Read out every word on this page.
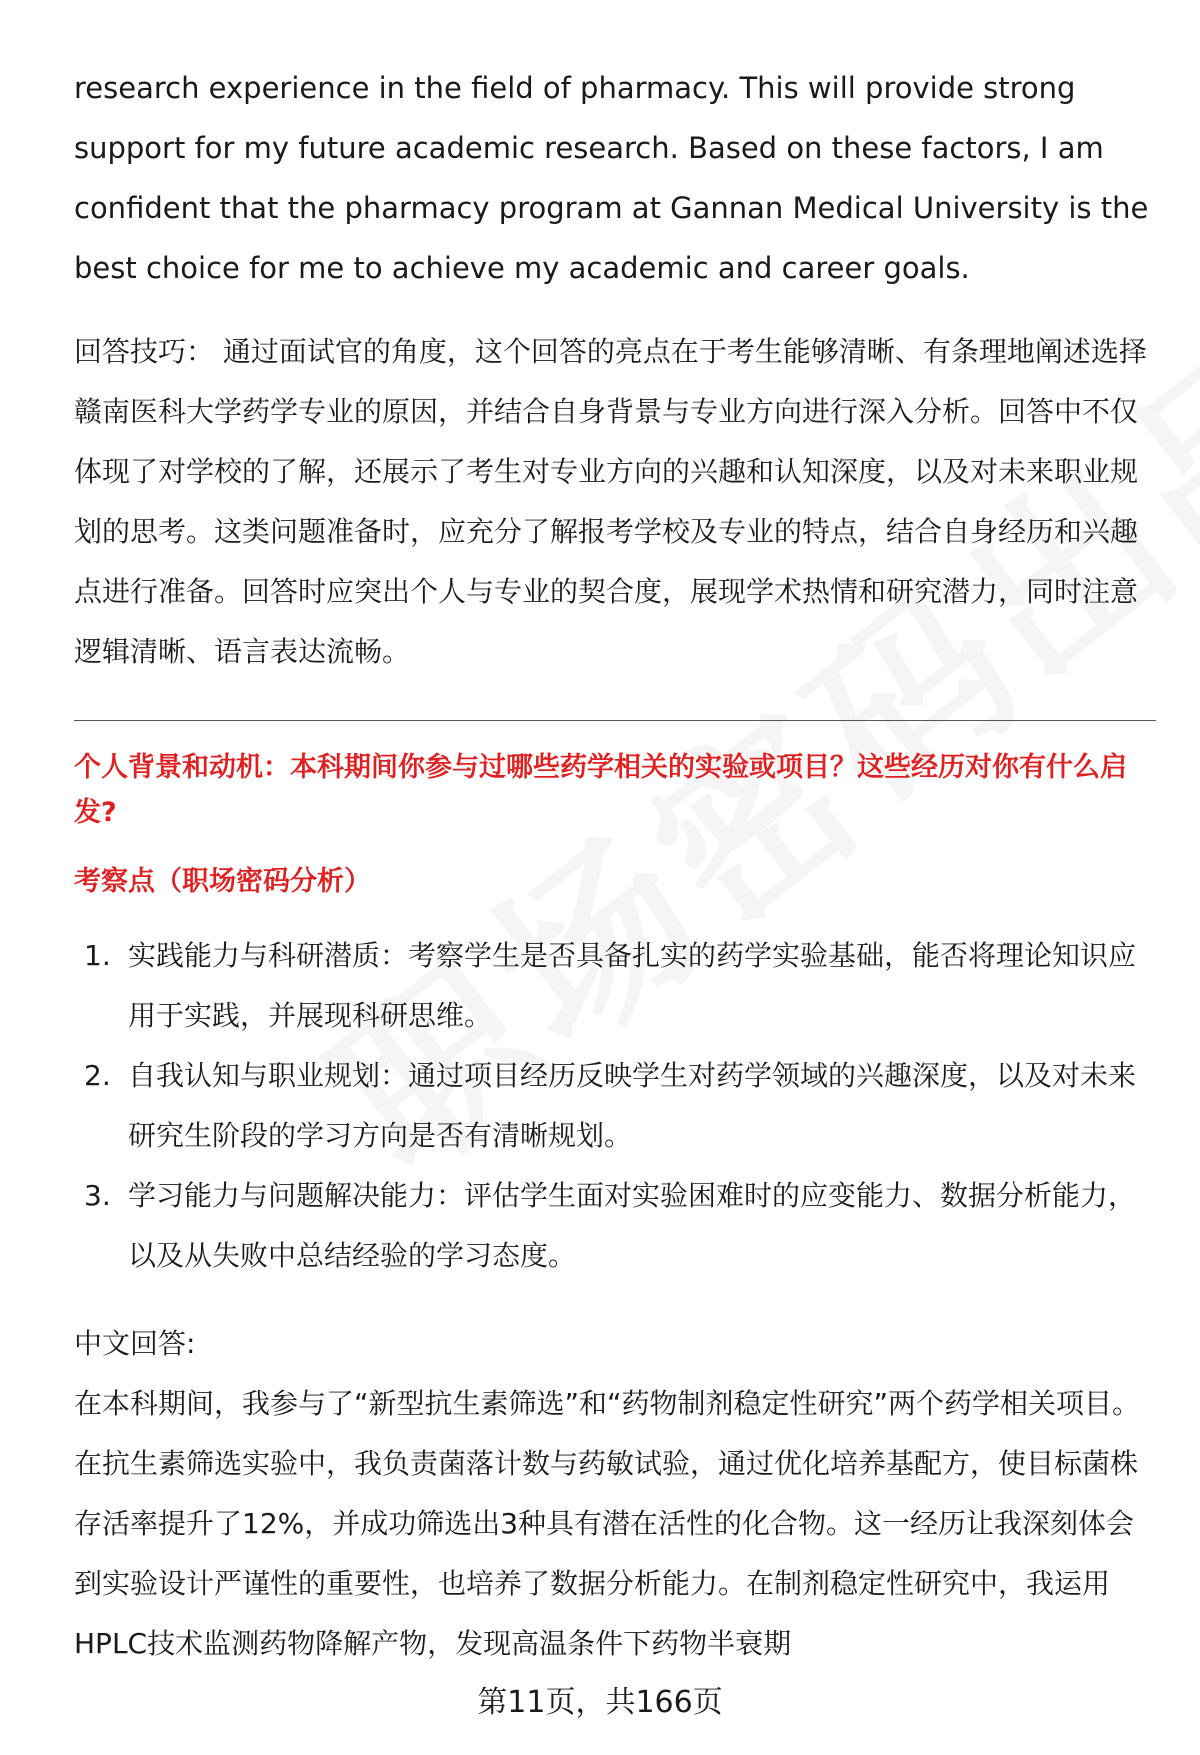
research experience in the field of pharmacy. This will provide strong support for my future academic research. Based on these factors, I am confident that the pharmacy program at Gannan Medical University is the best choice for me to achieve my academic and career goals.

回答技巧： 通过面试官的角度，这个回答的亮点在于考生能够清晰、有条理地阐述选择赣南医科大学药学专业的原因，并结合自身背景与专业方向进行深入分析。回答中不仅体现了对学校的了解，还展示了考生对专业方向的兴趣和认知深度，以及对未来职业规划的思考。这类问题准备时，应充分了解报考学校及专业的特点，结合自身经历和兴趣点进行准备。回答时应突出个人与专业的契合度，展现学术热情和研究潜力，同时注意逻辑清晰、语言表达流畅。

个人背景和动机：本科期间你参与过哪些药学相关的实验或项目？这些经历对你有什么启发?

考察点（职场密码分析）

1. 实践能力与科研潜质：考察学生是否具备扎实的药学实验基础，能否将理论知识应用于实践，并展现科研思维。
2. 自我认知与职业规划：通过项目经历反映学生对药学领域的兴趣深度，以及对未来研究生阶段的学习方向是否有清晰规划。
3. 学习能力与问题解决能力：评估学生面对实验困难时的应变能力、数据分析能力，以及从失败中总结经验的学习态度。

中文回答:

在本科期间，我参与了“新型抗生素筛选”和“药物制剂稳定性研究”两个药学相关项目。在抗生素筛选实验中，我负责菌落计数与药敏试验，通过优化培养基配方，使目标菌株存活率提升了12%，并成功筛选出3种具有潜在活性的化合物。这一经历让我深刻体会到实验设计严谨性的重要性，也培养了数据分析能力。在制剂稳定性研究中，我运用HPLC技术监测药物降解产物，发现高温条件下药物半衰期

第11页，共166页
